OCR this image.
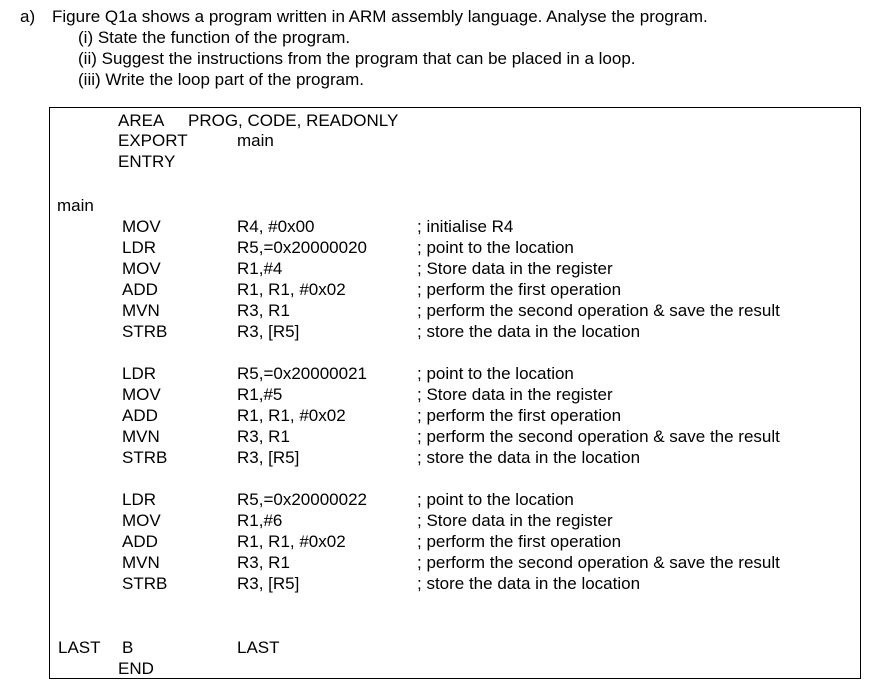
a) Figure Q1a shows a program written in ARM assembly language. Analyse the program.
(i) State the function of the program.
(ii) Suggest the instructions from the program that can be placed in a loop.
(iii) Write the loop part of the program.
AREA PROG, CODE, READONLY
EXPORT	main
ENTRY
main
MOV	R4, #0x00	; initialise R4
LDR	R5,=0x20000020	; point to the location
MOV	R1,#4	; Store data in the register
ADD	R1, R1, #0x02	; perform the first operation
MVN	R3, R1	; perform the second operation & save the result
STRB	R3, [R5]	; store the data in the location
LDR	R5,=0x20000021	; point to the location
MOV	R1,#5	; Store data in the register
ADD	R1, R1, #0x02	; perform the first operation
MVN	R3, R1	; perform the second operation & save the result
STRB	R3, [R5]	; store the data in the location
LDR	R5,=0x20000022	; point to the location
MOV	R1,#6	; Store data in the register
ADD	R1, R1, #0x02	; perform the first operation
MVN	R3, R1	; perform the second operation & save the result
STRB	R3, [R5]	; store the data in the location
LAST B	LAST
END
